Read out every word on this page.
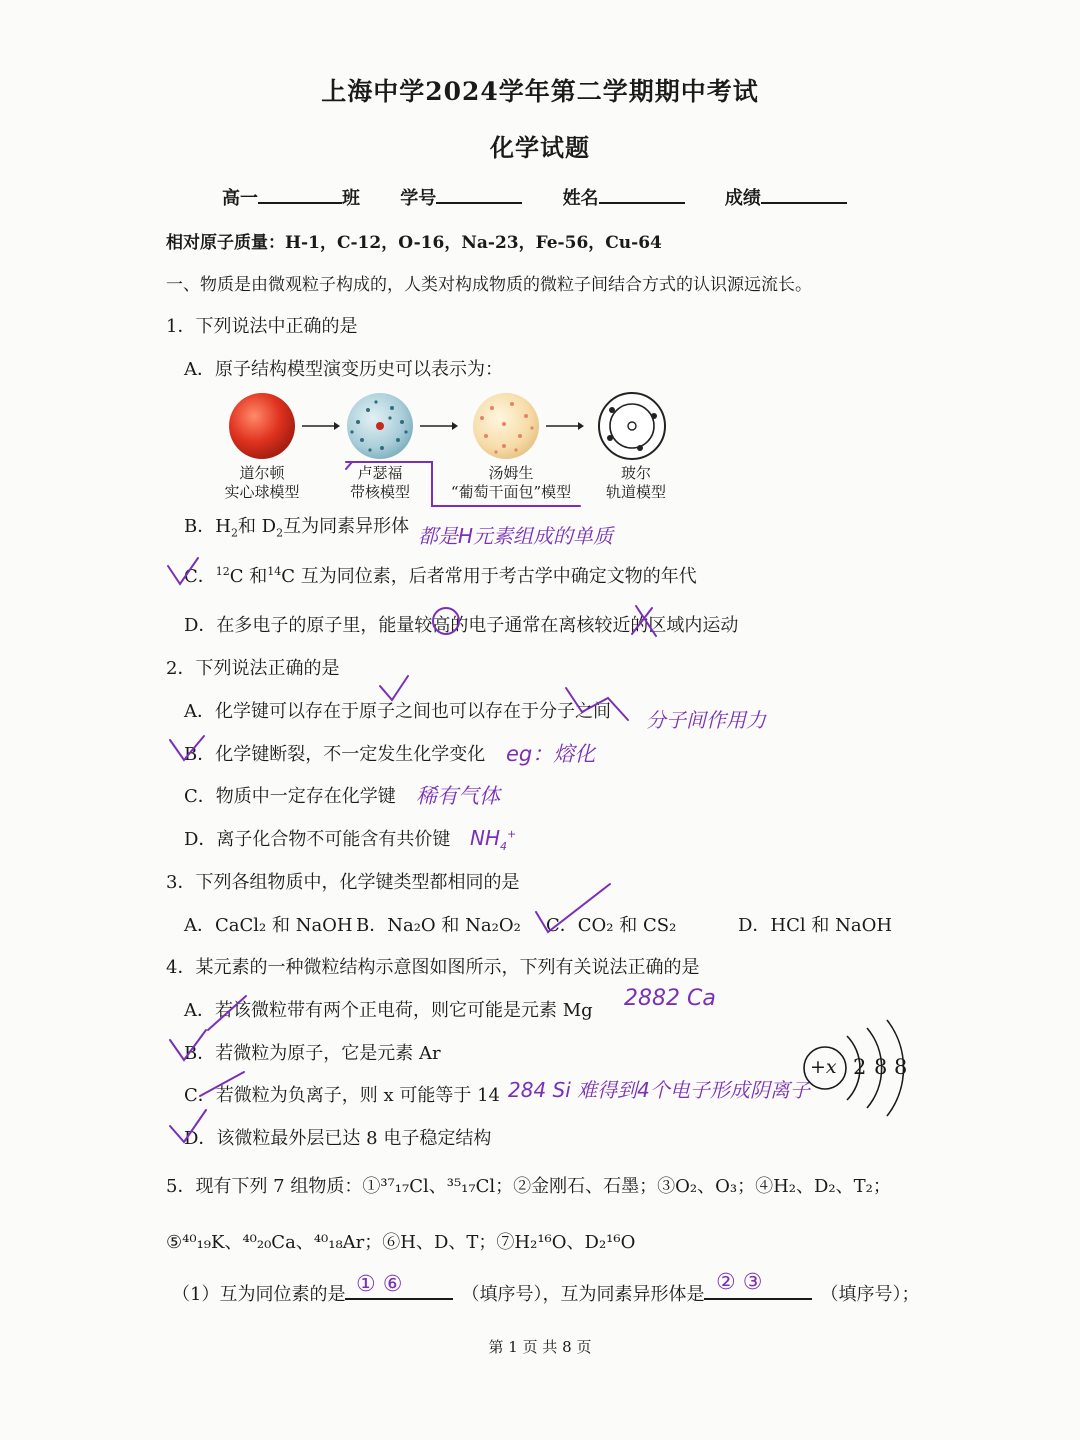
上海中学2024学年第二学期期中考试
化学试题
高一	班 学号	姓名	成绩
相对原子质量：H-1，C-12，O-16，Na-23，Fe-56，Cu-64
一、物质是由微观粒子构成的，人类对构成物质的微粒子间结合方式的认识源远流长。
1．下列说法中正确的是
A．原子结构模型演变历史可以表示为：
道尔顿
实心球模型
卢瑟福
带核模型
汤姆生
“葡萄干面包”模型
玻尔
轨道模型
B．$H_2$和 $D_2$互为同素异形体 都是H元素组成的单质
C．$^{12}$C 和$^{14}$C 互为同位素，后者常用于考古学中确定文物的年代
D．在多电子的原子里，能量较高的电子通常在离核较近的区域内运动
2．下列说法正确的是
A．化学键可以存在于原子之间也可以存在于分子之间 分子间作用力
B．化学键断裂，不一定发生化学变化 eg：熔化
C．物质中一定存在化学键 稀有气体
D．离子化合物不可能含有共价键 $NH_4^+$
3．下列各组物质中，化学键类型都相同的是
A．CaCl₂ 和 NaOH B．Na₂O 和 Na₂O₂ C．CO₂ 和 CS₂	D．HCl 和 NaOH
4．某元素的一种微粒结构示意图如图所示，下列有关说法正确的是
A．若该微粒带有两个正电荷，则它可能是元素 Mg 2882 Ca
B．若微粒为原子，它是元素 Ar
C．若微粒为负离子，则 x 可能等于 14 284 Si 难得到4个电子形成阴离子
D．该微粒最外层已达 8 电子稳定结构
+x 2 8 8
5．现有下列 7 组物质：①³⁷₁₇Cl、³⁵₁₇Cl；②金刚石、石墨；③O₂、O₃；④H₂、D₂、T₂；
⑤⁴⁰₁₉K、⁴⁰₂₀Ca、⁴⁰₁₈Ar；⑥H、D、T；⑦H₂¹⁶O、D₂¹⁶O
（1）互为同位素的是	（填序号），互为同素异形体是	（填序号）；
① ⑥	② ③
第 1 页 共 8 页
